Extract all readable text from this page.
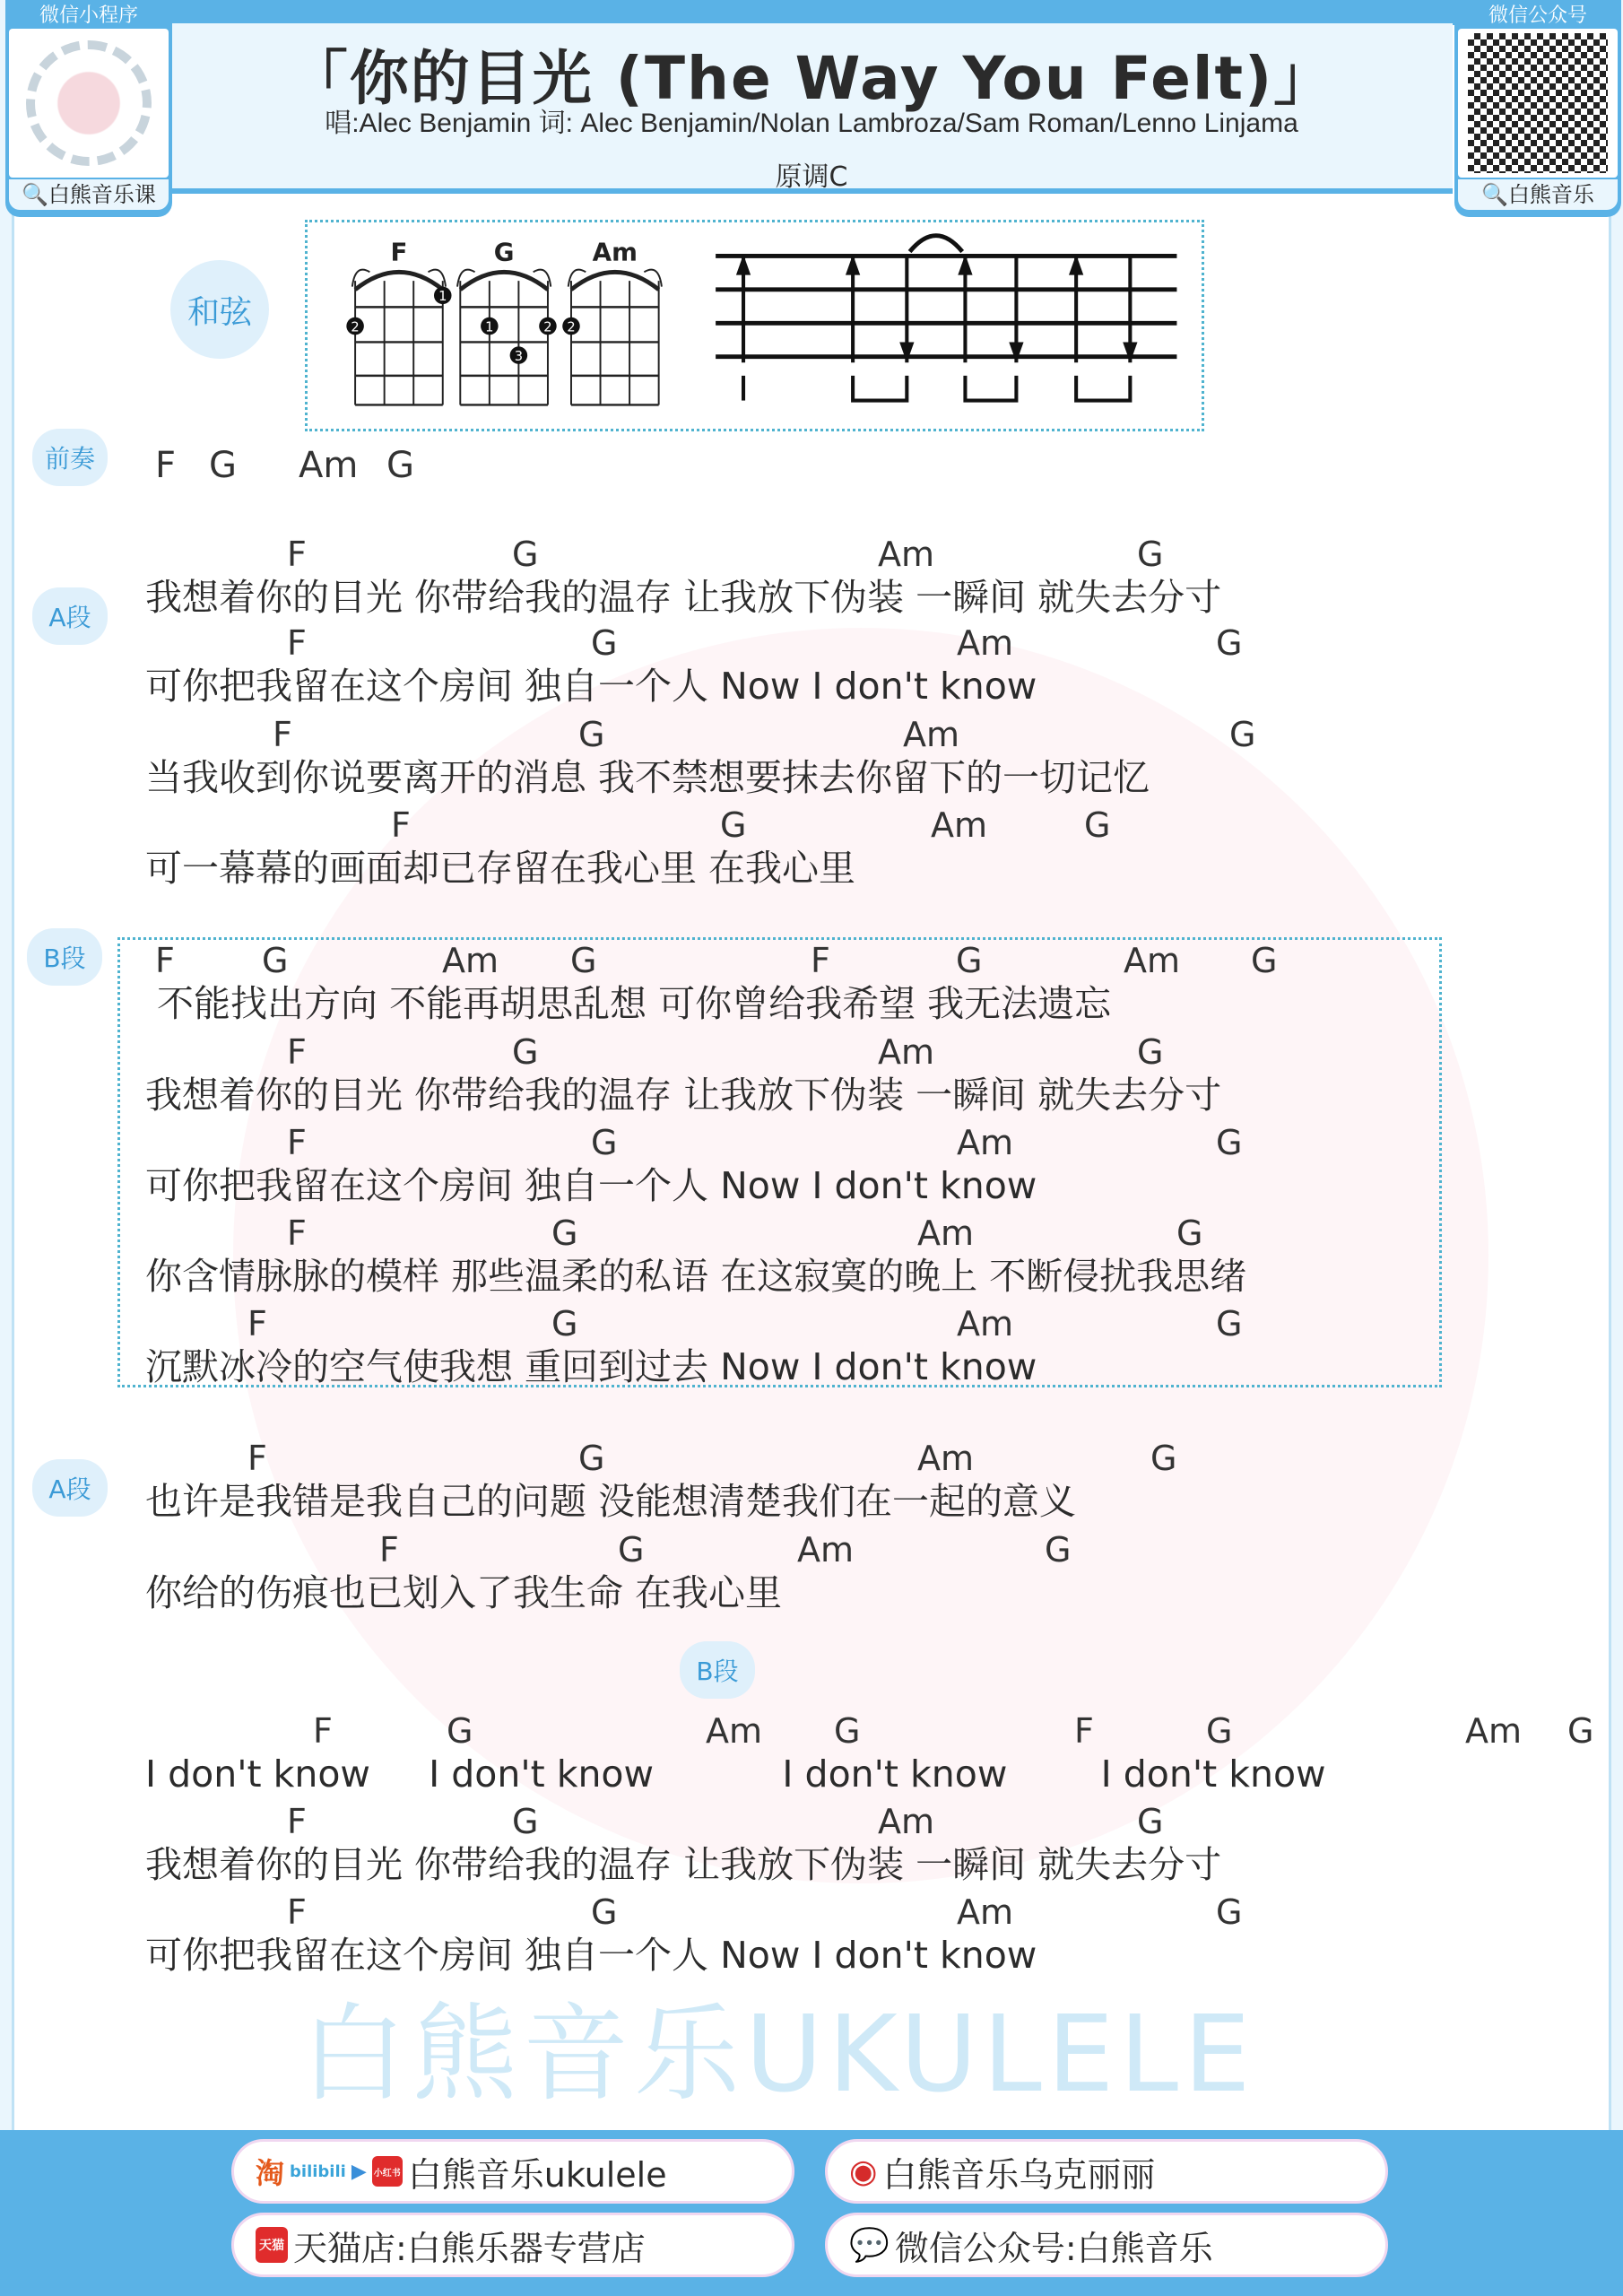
微信小程序
🔍白熊音乐课
微信公众号
🔍白熊音乐
「你的目光 (The Way You Felt)」
唱:Alec Benjamin 词: Alec Benjamin/Nolan Lambroza/Sam Roman/Lenno Linjama
原调C
和弦
F
1
2
G
1	2
3
Am
2
前奏
A段
B段
A段
B段
F G Am G
F	G	Am	G
我想着你的目光 你带给我的温存 让我放下伪装 一瞬间 就失去分寸
F	G	Am	G
可你把我留在这个房间 独自一个人 Now I don't know
F	G	Am	G
当我收到你说要离开的消息 我不禁想要抹去你留下的一切记忆
F	G	Am	G
可一幕幕的画面却已存留在我心里 在我心里
F	G	Am G	F	G	Am G
不能找出方向 不能再胡思乱想 可你曾给我希望 我无法遗忘
F	G	Am	G
我想着你的目光 你带给我的温存 让我放下伪装 一瞬间 就失去分寸
F	G	Am	G
可你把我留在这个房间 独自一个人 Now I don't know
F	G	Am	G
你含情脉脉的模样 那些温柔的私语 在这寂寞的晚上 不断侵扰我思绪
F	G	Am	G
沉默冰冷的空气使我想 重回到过去 Now I don't know
F	G	Am	G
也许是我错是我自己的问题 没能想清楚我们在一起的意义
F	G	Am	G
你给的伤痕也已划入了我生命 在我心里
F	G	Am G	F	G	Am G
I don't know     I don't know           I don't know        I don't know
F	G	Am	G
我想着你的目光 你带给我的温存 让我放下伪装 一瞬间 就失去分寸
F	G	Am	G
可你把我留在这个房间 独自一个人 Now I don't know
白熊音乐UKULELE
淘 bilibili ▶ 小红书 白熊音乐ukulele	◉ 白熊音乐乌克丽丽
天猫 天猫店:白熊乐器专营店	💬 微信公众号:白熊音乐
